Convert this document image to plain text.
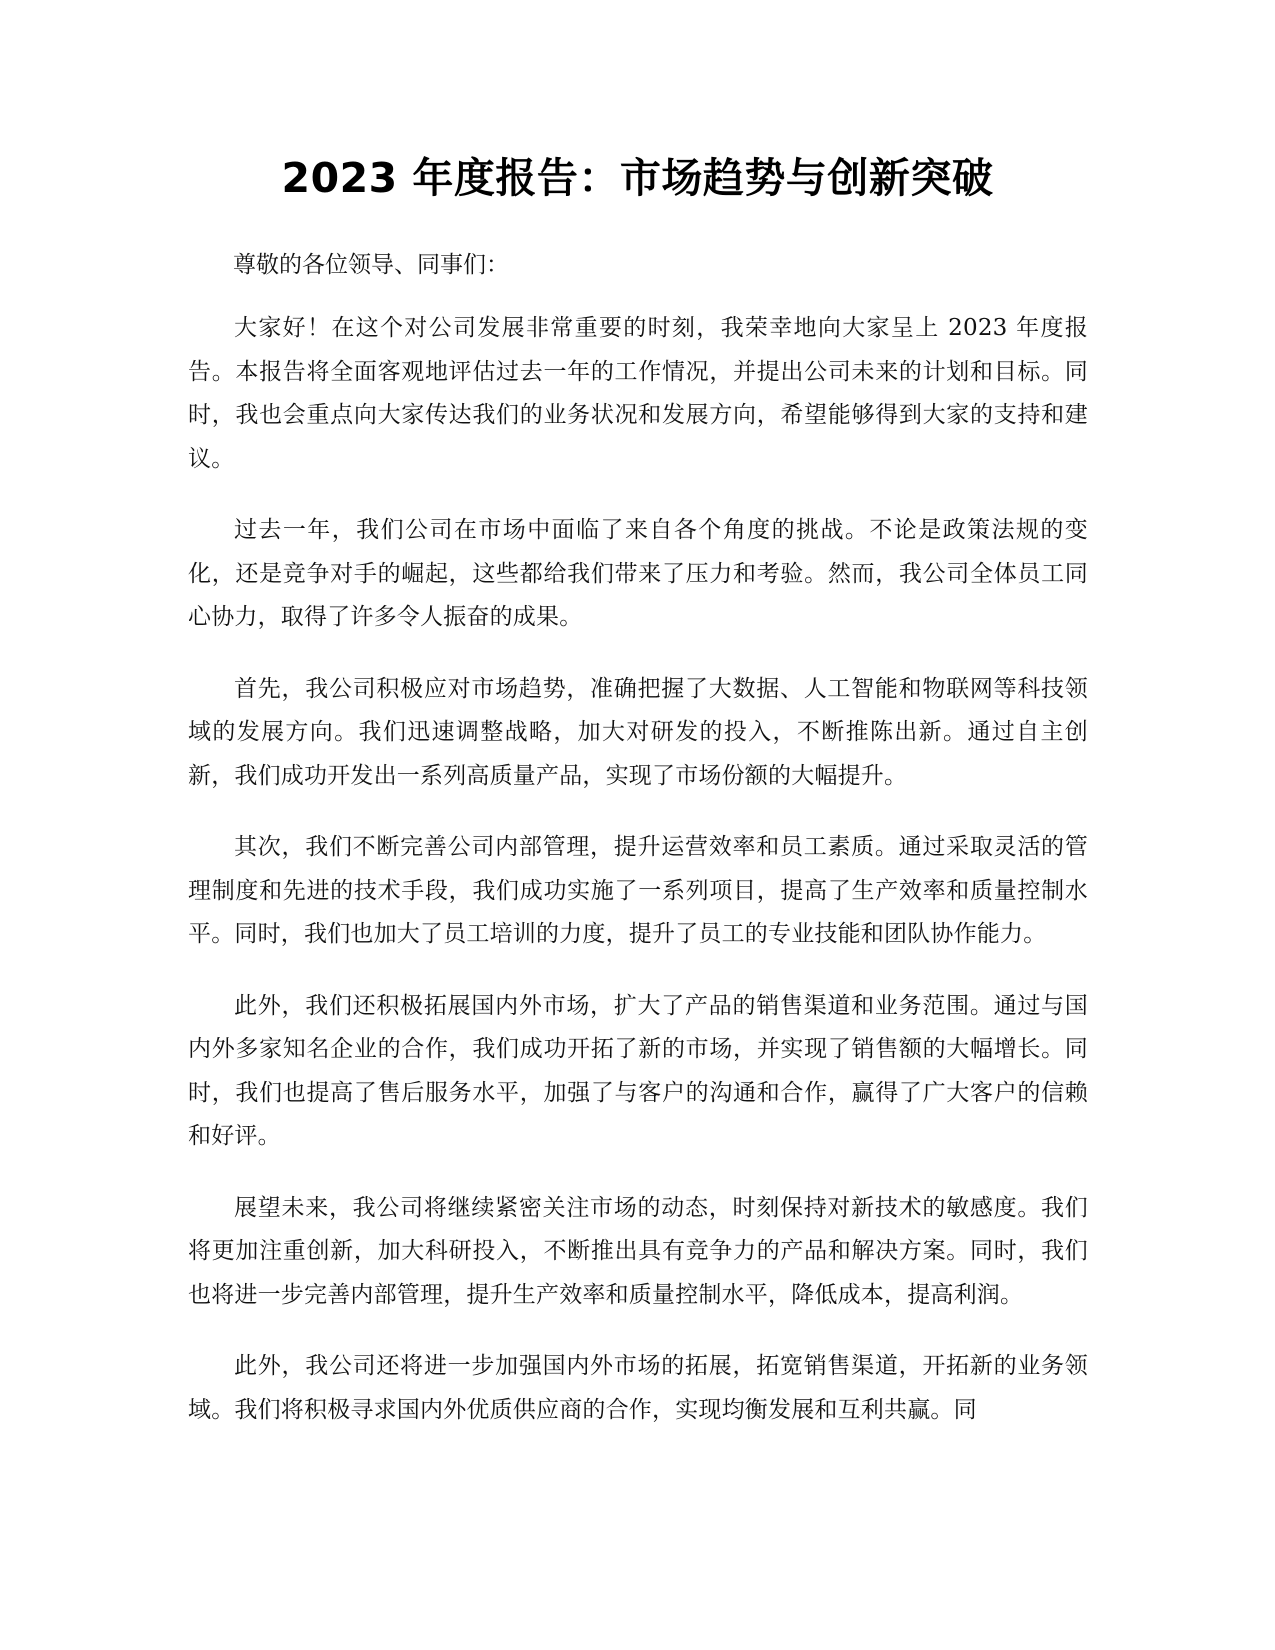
2023 年度报告：市场趋势与创新突破
尊敬的各位领导、同事们：

大家好！在这个对公司发展非常重要的时刻，我荣幸地向大家呈上 2023 年度报告。本报告将全面客观地评估过去一年的工作情况，并提出公司未来的计划和目标。同时，我也会重点向大家传达我们的业务状况和发展方向，希望能够得到大家的支持和建议。

过去一年，我们公司在市场中面临了来自各个角度的挑战。不论是政策法规的变化，还是竞争对手的崛起，这些都给我们带来了压力和考验。然而，我公司全体员工同心协力，取得了许多令人振奋的成果。

首先，我公司积极应对市场趋势，准确把握了大数据、人工智能和物联网等科技领域的发展方向。我们迅速调整战略，加大对研发的投入，不断推陈出新。通过自主创新，我们成功开发出一系列高质量产品，实现了市场份额的大幅提升。

其次，我们不断完善公司内部管理，提升运营效率和员工素质。通过采取灵活的管理制度和先进的技术手段，我们成功实施了一系列项目，提高了生产效率和质量控制水平。同时，我们也加大了员工培训的力度，提升了员工的专业技能和团队协作能力。

此外，我们还积极拓展国内外市场，扩大了产品的销售渠道和业务范围。通过与国内外多家知名企业的合作，我们成功开拓了新的市场，并实现了销售额的大幅增长。同时，我们也提高了售后服务水平，加强了与客户的沟通和合作，赢得了广大客户的信赖和好评。

展望未来，我公司将继续紧密关注市场的动态，时刻保持对新技术的敏感度。我们将更加注重创新，加大科研投入，不断推出具有竞争力的产品和解决方案。同时，我们也将进一步完善内部管理，提升生产效率和质量控制水平，降低成本，提高利润。

此外，我公司还将进一步加强国内外市场的拓展，拓宽销售渠道，开拓新的业务领域。我们将积极寻求国内外优质供应商的合作，实现均衡发展和互利共赢。同
